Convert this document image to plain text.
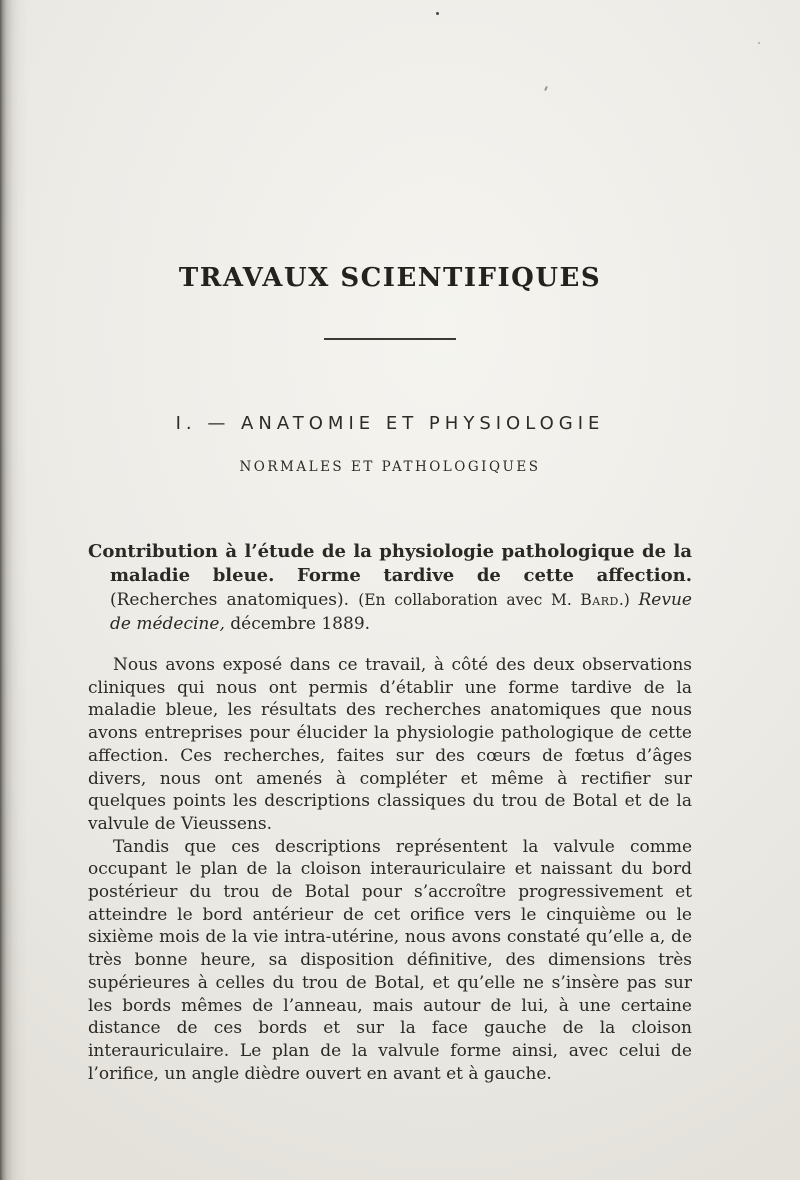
TRAVAUX SCIENTIFIQUES
I. — ANATOMIE ET PHYSIOLOGIE
NORMALES ET PATHOLOGIQUES

Contribution à l’étude de la physiologie pathologique de la maladie bleue. Forme tardive de cette affection. (Recherches anatomiques). (En collaboration avec M. Bard.) Revue de médecine, décembre 1889.

Nous avons exposé dans ce travail, à côté des deux observations cliniques qui nous ont permis d’établir une forme tardive de la maladie bleue, les résultats des recherches anatomiques que nous avons entreprises pour élucider la physiologie pathologique de cette affection. Ces recherches, faites sur des cœurs de fœtus d’âges divers, nous ont amenés à compléter et même à rectifier sur quelques points les descriptions classiques du trou de Botal et de la valvule de Vieussens.

Tandis que ces descriptions représentent la valvule comme occupant le plan de la cloison interauriculaire et naissant du bord postérieur du trou de Botal pour s’accroître progressivement et atteindre le bord antérieur de cet orifice vers le cinquième ou le sixième mois de la vie intra-utérine, nous avons constaté qu’elle a, de très bonne heure, sa disposition définitive, des dimensions très supérieures à celles du trou de Botal, et qu’elle ne s’insère pas sur les bords mêmes de l’anneau, mais autour de lui, à une certaine distance de ces bords et sur la face gauche de la cloison interauriculaire. Le plan de la valvule forme ainsi, avec celui de l’orifice, un angle dièdre ouvert en avant et à gauche.
